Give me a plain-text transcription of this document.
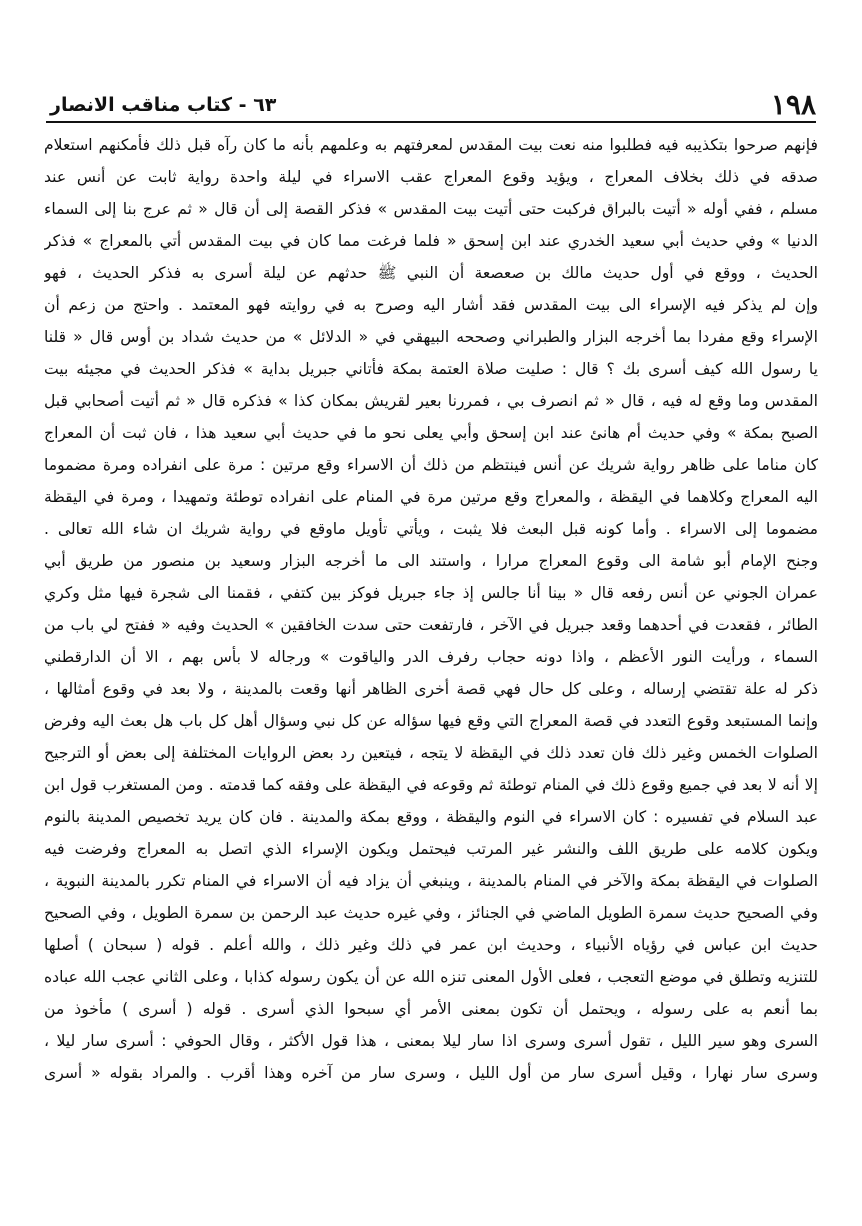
١٩٨
٦٣ - كتاب مناقب الانصار
فإنهم صرحوا بتكذيبه فيه فطلبوا منه نعت بيت المقدس لمعرفتهم به وعلمهم بأنه ما كان رآه قبل ذلك فأمكنهم استعلام
صدقه في ذلك بخلاف المعراج ، ويؤيد وقوع المعراج عقب الاسراء في ليلة واحدة رواية ثابت عن أنس عند
مسلم ، ففي أوله « أتيت بالبراق فركبت حتى أتيت بيت المقدس » فذكر القصة إلى أن قال « ثم عرج بنا إلى السماء
الدنيا » وفي حديث أبي سعيد الخدري عند ابن إسحق « فلما فرغت مما كان في بيت المقدس أتي بالمعراج » فذكر
الحديث ، ووقع في أول حديث مالك بن صعصعة أن النبي ﷺ حدثهم عن ليلة أسرى به فذكر الحديث ، فهو
وإن لم يذكر فيه الإسراء الى بيت المقدس فقد أشار اليه وصرح به في روايته فهو المعتمد . واحتج من زعم أن
الإسراء وقع مفردا بما أخرجه البزار والطبراني وصححه البيهقي في « الدلائل » من حديث شداد بن أوس قال « قلنا
يا رسول الله كيف أسرى بك ؟ قال : صليت صلاة العتمة بمكة فأتاني جبريل بداية » فذكر الحديث في مجيئه بيت
المقدس وما وقع له فيه ، قال « ثم انصرف بي ، فمررنا بعير لقريش بمكان كذا » فذكره قال « ثم أتيت أصحابي قبل
الصبح بمكة » وفي حديث أم هانئ عند ابن إسحق وأبي يعلى نحو ما في حديث أبي سعيد هذا ، فان ثبت أن المعراج
كان مناما على ظاهر رواية شريك عن أنس فينتظم من ذلك أن الاسراء وقع مرتين : مرة على انفراده ومرة مضموما
اليه المعراج وكلاهما في اليقظة ، والمعراج وقع مرتين مرة في المنام على انفراده توطئة وتمهيدا ، ومرة في اليقظة
مضموما إلى الاسراء . وأما كونه قبل البعث فلا يثبت ، ويأتي تأويل ماوقع في رواية شريك ان شاء الله تعالى .
وجنح الإمام أبو شامة الى وقوع المعراج مرارا ، واستند الى ما أخرجه البزار وسعيد بن منصور من طريق أبي
عمران الجوني عن أنس رفعه قال « بينا أنا جالس إذ جاء جبريل فوكز بين كتفي ، فقمنا الى شجرة فيها مثل وكري
الطائر ، فقعدت في أحدهما وقعد جبريل في الآخر ، فارتفعت حتى سدت الخافقين » الحديث وفيه « ففتح لي باب من
السماء ، ورأيت النور الأعظم ، واذا دونه حجاب رفرف الدر والياقوت » ورجاله لا بأس بهم ، الا أن الدارقطني
ذكر له علة تقتضي إرساله ، وعلى كل حال فهي قصة أخرى الظاهر أنها وقعت بالمدينة ، ولا بعد في وقوع أمثالها ،
وإنما المستبعد وقوع التعدد في قصة المعراج التي وقع فيها سؤاله عن كل نبي وسؤال أهل كل باب هل بعث اليه وفرض
الصلوات الخمس وغير ذلك فان تعدد ذلك في اليقظة لا يتجه ، فيتعين رد بعض الروايات المختلفة إلى بعض أو الترجيح
إلا أنه لا بعد في جميع وقوع ذلك في المنام توطئة ثم وقوعه في اليقظة على وفقه كما قدمته . ومن المستغرب قول ابن
عبد السلام في تفسيره : كان الاسراء في النوم واليقظة ، ووقع بمكة والمدينة . فان كان يريد تخصيص المدينة بالنوم
ويكون كلامه على طريق اللف والنشر غير المرتب فيحتمل ويكون الإسراء الذي اتصل به المعراج وفرضت فيه
الصلوات في اليقظة بمكة والآخر في المنام بالمدينة ، وينبغي أن يزاد فيه أن الاسراء في المنام تكرر بالمدينة النبوية ،
وفي الصحيح حديث سمرة الطويل الماضي في الجنائز ، وفي غيره حديث عبد الرحمن بن سمرة الطويل ، وفي الصحيح
حديث ابن عباس في رؤياه الأنبياء ، وحديث ابن عمر في ذلك وغير ذلك ، والله أعلم . قوله ( سبحان ) أصلها
للتنزيه وتطلق في موضع التعجب ، فعلى الأول المعنى تنزه الله عن أن يكون رسوله كذابا ، وعلى الثاني عجب الله عباده
بما أنعم به على رسوله ، ويحتمل أن تكون بمعنى الأمر أي سبحوا الذي أسرى . قوله ( أسرى ) مأخوذ من
السرى وهو سير الليل ، تقول أسرى وسرى اذا سار ليلا بمعنى ، هذا قول الأكثر ، وقال الحوفي : أسرى سار ليلا ،
وسرى سار نهارا ، وقيل أسرى سار من أول الليل ، وسرى سار من آخره وهذا أقرب . والمراد بقوله « أسرى
